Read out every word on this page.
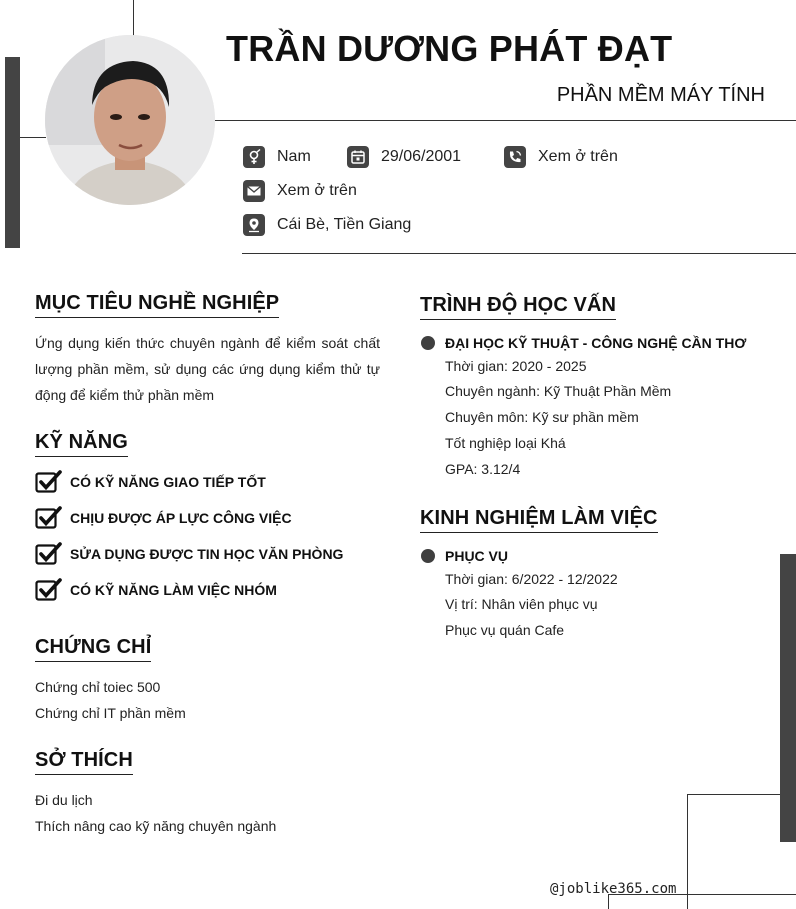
TRẦN DƯƠNG PHÁT ĐẠT
PHẦN MỀM MÁY TÍNH
Nam	29/06/2001	Xem ở trên
Xem ở trên
Cái Bè, Tiền Giang
MỤC TIÊU NGHỀ NGHIỆP
Ứng dụng kiến thức chuyên ngành để kiểm soát chất lượng phần mềm, sử dụng các ứng dụng kiểm thử tự động để kiểm thử phần mềm
KỸ NĂNG
CÓ KỸ NĂNG GIAO TIẾP TỐT
CHỊU ĐƯỢC ÁP LỰC CÔNG VIỆC
SỬA DỤNG ĐƯỢC TIN HỌC VĂN PHÒNG
CÓ KỸ NĂNG LÀM VIỆC NHÓM
CHỨNG CHỈ
Chứng chỉ toiec 500
Chứng chỉ IT phần mềm
SỞ THÍCH
Đi du lịch
Thích nâng cao kỹ năng chuyên ngành
TRÌNH ĐỘ HỌC VẤN
ĐẠI HỌC KỸ THUẬT - CÔNG NGHỆ CẦN THƠ
Thời gian: 2020 - 2025
Chuyên ngành: Kỹ Thuật Phần Mềm
Chuyên môn: Kỹ sư phần mềm
Tốt nghiệp loại Khá
GPA: 3.12/4
KINH NGHIỆM LÀM VIỆC
PHỤC VỤ
Thời gian: 6/2022 - 12/2022
Vị trí: Nhân viên phục vụ
Phục vụ quán Cafe
@joblike365.com
